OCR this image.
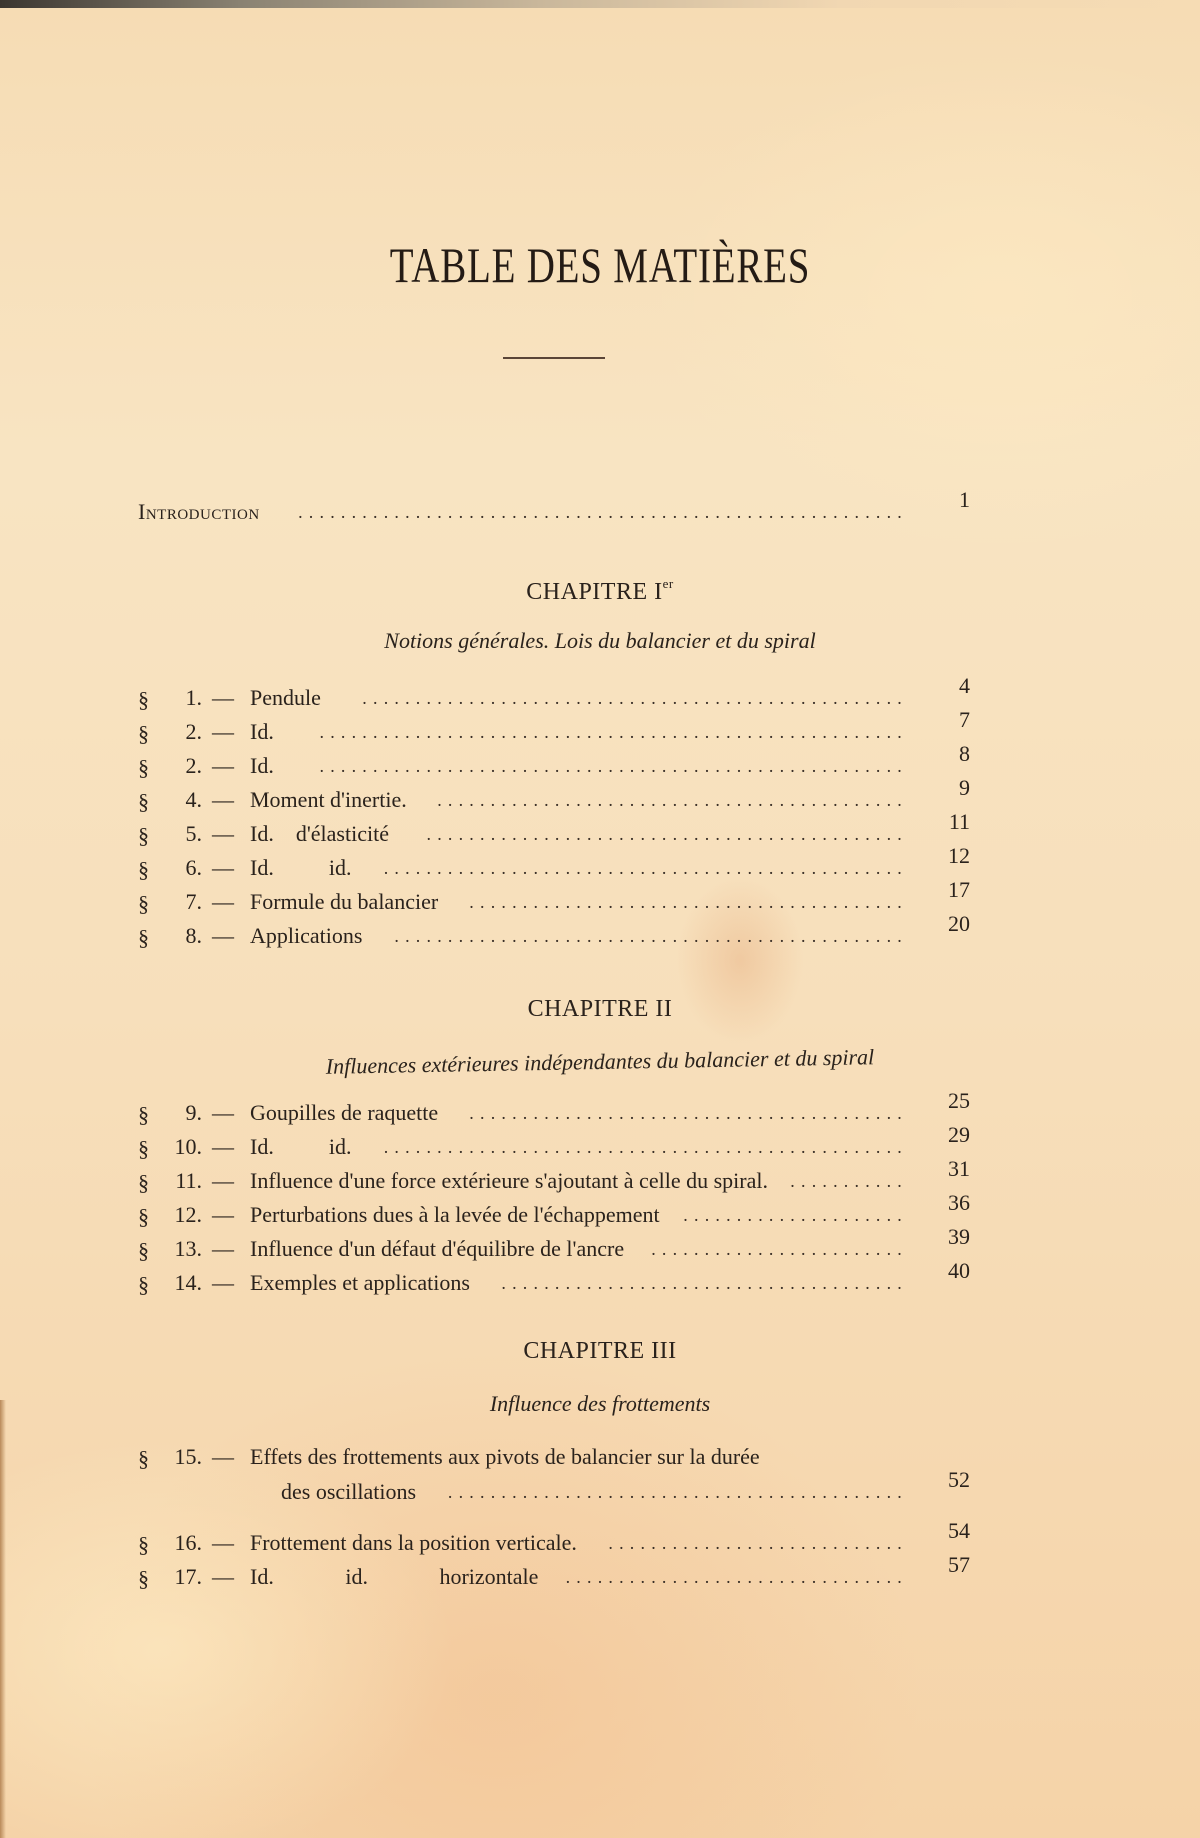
TABLE DES MATIÈRES
Introduction	.........................................................	1
CHAPITRE Ier
Notions générales. Lois du balancier et du spiral
CHAPITRE II
Influences extérieures indépendantes du balancier et du spiral
CHAPITRE III
Influence des frottements
§	1. — Pendule	...................................................	4
§	2. — Id.	.......................................................	7
§	2. — Id.	.......................................................	8
§	4. — Moment d'inertie.	............................................	9
§	5. — Id.    d'élasticité	.............................................	11
§	6. — Id.          id.	.................................................	12
§	7. — Formule du balancier	.........................................	17
§	8. — Applications	................................................	20
§	9. — Goupilles de raquette	.........................................	25
§	10. — Id.          id.	.................................................	29
§	11. — Influence d'une force extérieure s'ajoutant à celle du spiral.	...........	31
§	12. — Perturbations dues à la levée de l'échappement	.....................	36
§	13. — Influence d'un défaut d'équilibre de l'ancre	........................	39
§	14. — Exemples et applications	......................................	40
§	15. — Effets des frottements aux pivots de balancier sur la durée
des oscillations	...........................................	52
§	16. — Frottement dans la position verticale.	............................	54
§	17. — Id.             id.             horizontale	................................	57
